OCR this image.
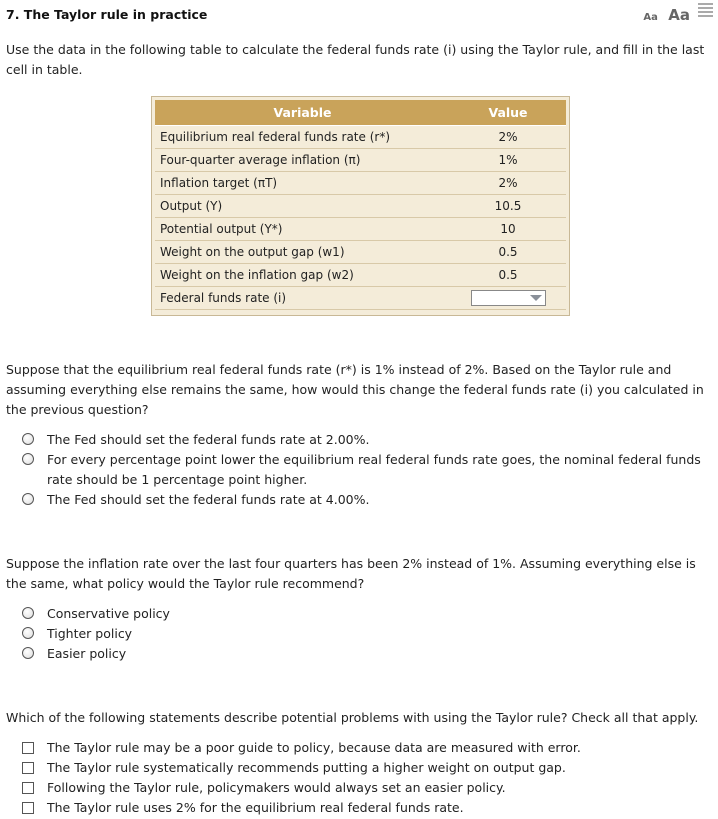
7. The Taylor rule in practice	Aa Aa
Use the data in the following table to calculate the federal funds rate (i) using the Taylor rule, and fill in the last cell in table.
Variable	Value
Equilibrium real federal funds rate (r*)	2%
Four-quarter average inflation (π)	1%
Inflation target (πT)	2%
Output (Y)	10.5
Potential output (Y*)	10
Weight on the output gap (w1)	0.5
Weight on the inflation gap (w2)	0.5
Federal funds rate (i)	
Suppose that the equilibrium real federal funds rate (r*) is 1% instead of 2%. Based on the Taylor rule and assuming everything else remains the same, how would this change the federal funds rate (i) you calculated in the previous question?
The Fed should set the federal funds rate at 2.00%.
For every percentage point lower the equilibrium real federal funds rate goes, the nominal federal funds rate should be 1 percentage point higher.
The Fed should set the federal funds rate at 4.00%.
Suppose the inflation rate over the last four quarters has been 2% instead of 1%. Assuming everything else is the same, what policy would the Taylor rule recommend?
Conservative policy
Tighter policy
Easier policy
Which of the following statements describe potential problems with using the Taylor rule? Check all that apply.
The Taylor rule may be a poor guide to policy, because data are measured with error.
The Taylor rule systematically recommends putting a higher weight on output gap.
Following the Taylor rule, policymakers would always set an easier policy.
The Taylor rule uses 2% for the equilibrium real federal funds rate.
